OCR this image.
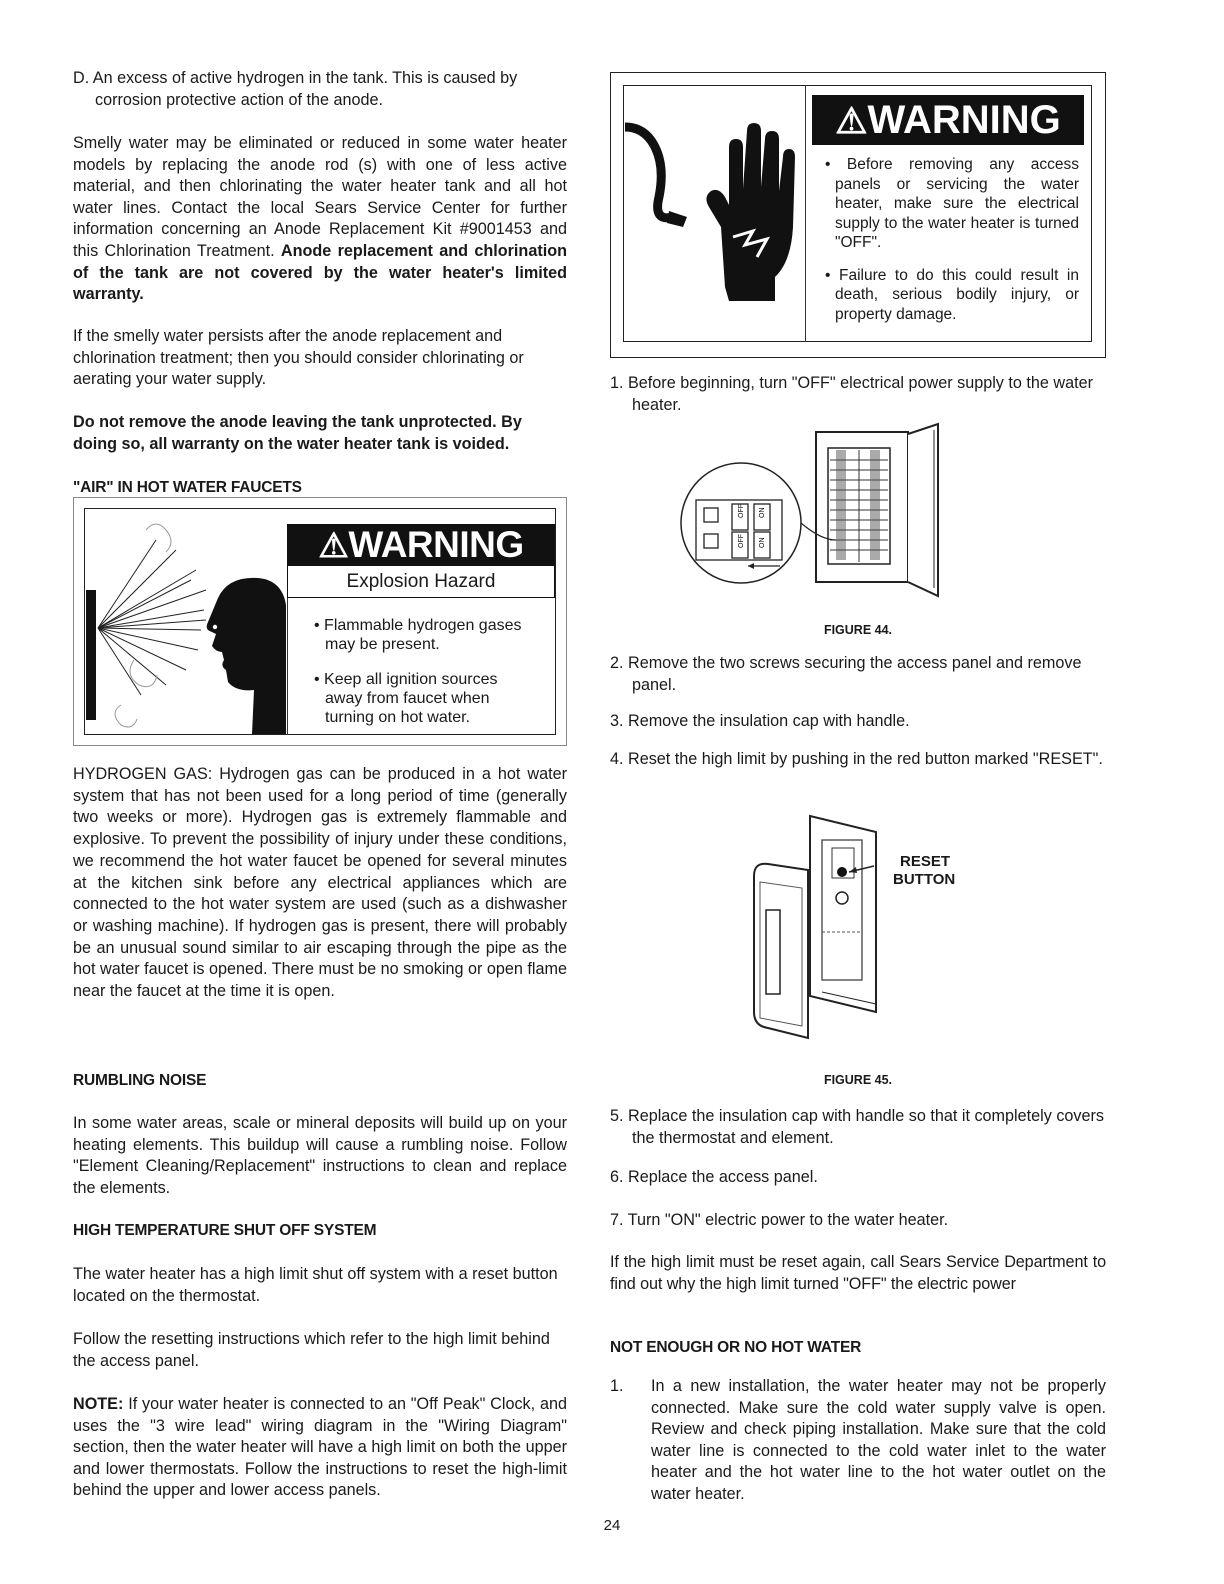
D. An excess of active hydrogen in the tank. This is caused by corrosion protective action of the anode.

Smelly water may be eliminated or reduced in some water heater models by replacing the anode rod (s) with one of less active material, and then chlorinating the water heater tank and all hot water lines. Contact the local Sears Service Center for further information concerning an Anode Replacement Kit #9001453 and this Chlorination Treatment. Anode replacement and chlorination of the tank are not covered by the water heater's limited warranty.

If the smelly water persists after the anode replacement and chlorination treatment; then you should consider chlorinating or aerating your water supply.

Do not remove the anode leaving the tank unprotected. By doing so, all warranty on the water heater tank is voided.

"AIR" IN HOT WATER FAUCETS

⚠WARNING
Explosion Hazard

• Flammable hydrogen gases may be present.

• Keep all ignition sources away from faucet when turning on hot water.

HYDROGEN GAS: Hydrogen gas can be produced in a hot water system that has not been used for a long period of time (generally two weeks or more). Hydrogen gas is extremely flammable and explosive. To prevent the possibility of injury under these conditions, we recommend the hot water faucet be opened for several minutes at the kitchen sink before any electrical appliances which are connected to the hot water system are used (such as a dishwasher or washing machine). If hydrogen gas is present, there will probably be an unusual sound similar to air escaping through the pipe as the hot water faucet is opened. There must be no smoking or open flame near the faucet at the time it is open.

RUMBLING NOISE

In some water areas, scale or mineral deposits will build up on your heating elements. This buildup will cause a rumbling noise. Follow "Element Cleaning/Replacement" instructions to clean and replace the elements.

HIGH TEMPERATURE SHUT OFF SYSTEM

The water heater has a high limit shut off system with a reset button located on the thermostat.

Follow the resetting instructions which refer to the high limit behind the access panel.

NOTE: If your water heater is connected to an "Off Peak" Clock, and uses the "3 wire lead" wiring diagram in the "Wiring Diagram" section, then the water heater will have a high limit on both the upper and lower thermostats. Follow the instructions to reset the high-limit behind the upper and lower access panels.

⚠WARNING

• Before removing any access panels or servicing the water heater, make sure the electrical supply to the water heater is turned "OFF".

• Failure to do this could result in death, serious bodily injury, or property damage.

1. Before beginning, turn "OFF" electrical power supply to the water heater.

OFF
OFF
ON
ON

FIGURE 44.

2. Remove the two screws securing the access panel and remove panel.

3. Remove the insulation cap with handle.

4. Reset the high limit by pushing in the red button marked "RESET".

RESET

BUTTON

FIGURE 45.

5. Replace the insulation cap with handle so that it completely covers the thermostat and element.

6. Replace the access panel.

7. Turn "ON" electric power to the water heater.

If the high limit must be reset again, call Sears Service Department to find out why the high limit turned "OFF" the electric power

NOT ENOUGH OR NO HOT WATER

1. In a new installation, the water heater may not be properly connected. Make sure the cold water supply valve is open. Review and check piping installation. Make sure that the cold water line is connected to the cold water inlet to the water heater and the hot water line to the hot water outlet on the water heater.

24
